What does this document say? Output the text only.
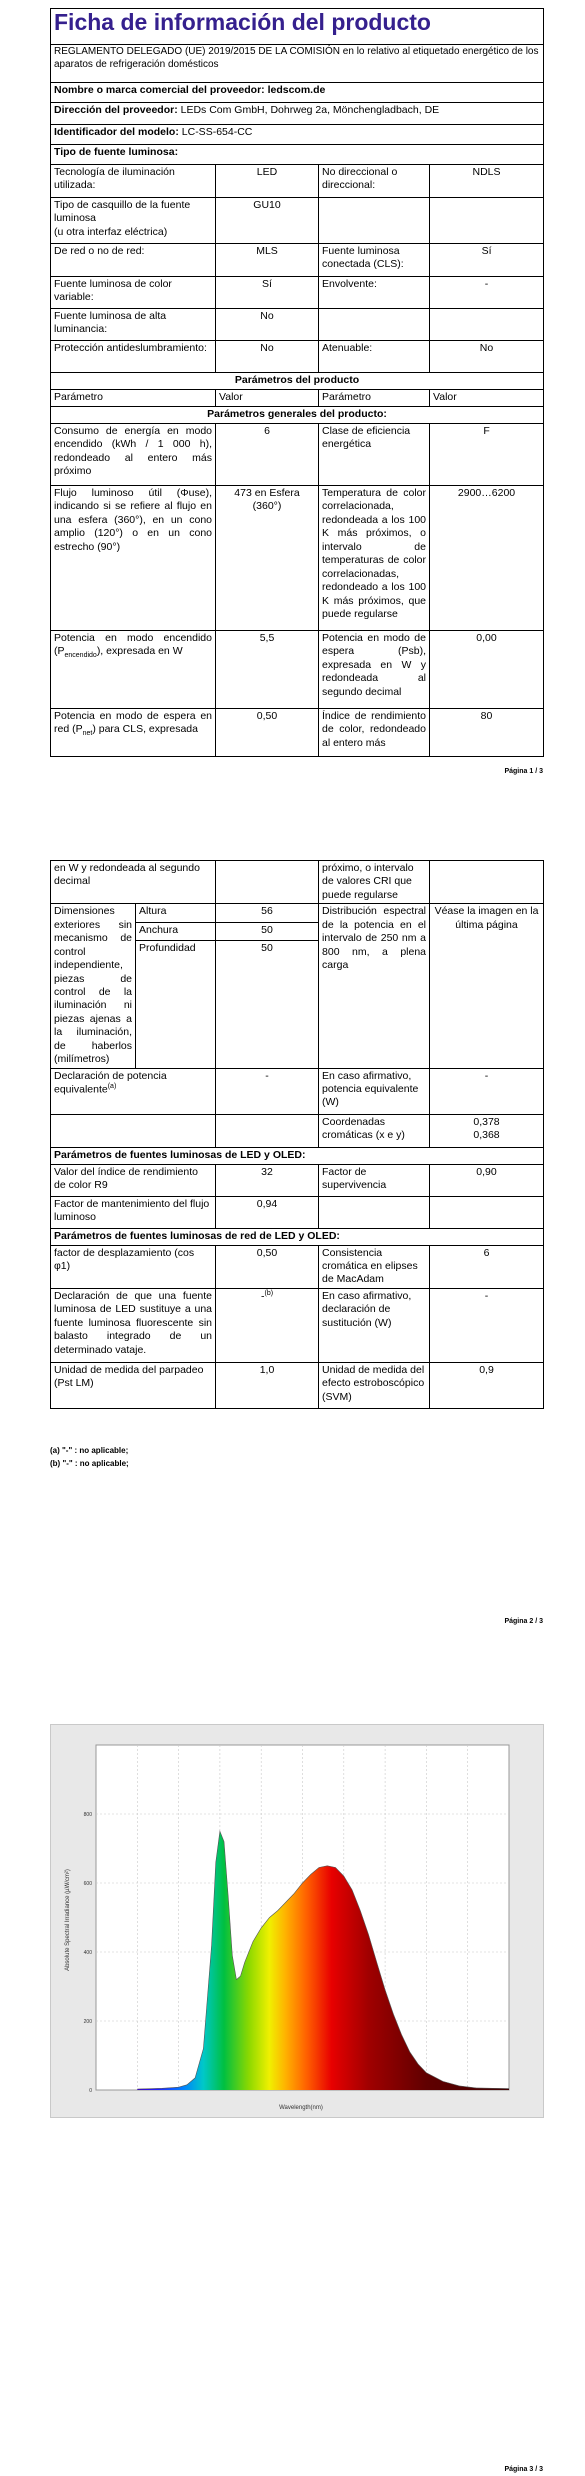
Ficha de información del producto			
REGLAMENTO DELEGADO (UE) 2019/2015 DE LA COMISIÓN en lo relativo al etiquetado energético de los aparatos de refrigeración domésticos			
Nombre o marca comercial del proveedor: ledscom.de			
Dirección del proveedor: LEDs Com GmbH, Dohrweg 2a, Mönchengladbach, DE			
Identificador del modelo: LC-SS-654-CC			
Tipo de fuente luminosa:			
Tecnología de iluminación utilizada:	LED	No direccional o direccional:	NDLS
Tipo de casquillo de la fuente luminosa
(u otra interfaz eléctrica)	GU10		
De red o no de red:	MLS	Fuente luminosa conectada (CLS):	Sí
Fuente luminosa de color variable:	Sí	Envolvente:	-
Fuente luminosa de alta luminancia:	No		
Protección antideslumbramiento:	No	Atenuable:	No
Parámetros del producto			
Parámetro	Valor	Parámetro	Valor
Parámetros generales del producto:			
Consumo de energía en modo encendido (kWh / 1 000 h), redondeado al entero más próximo	6	Clase de eficiencia energética	F
Flujo luminoso útil (Φuse), indicando si se refiere al flujo en una esfera (360°), en un cono amplio (120°) o en un cono estrecho (90°)	473 en Esfera (360°)	Temperatura de color correlacionada, redondeada a los 100 K más próximos, o intervalo de temperaturas de color correlacionadas, redondeado a los 100 K más próximos, que puede regularse	2900…6200
Potencia en modo encendido $(P_{encendido})$, expresada en W	5,5	Potencia en modo de espera (Psb), expresada en W y redondeada al segundo decimal	0,00
Potencia en modo de espera en red $(P_{net})$ para CLS, expresada	0,50	Índice de rendimiento de color, redondeado al entero más	80
Página 1 / 3
en W y redondeada al segundo decimal			próximo, o intervalo de valores CRI que puede regularse	
Dimensiones exteriores sin mecanismo de control independiente, piezas de control de la iluminación ni piezas ajenas a la iluminación, de haberlos (milímetros)	Altura	56	Distribución espectral de la potencia en el intervalo de 250 nm a 800 nm, a plena carga	Véase la imagen en la última página
	Anchura	50		
	Profundidad	50		
Declaración de potencia equivalente$^{(a)}$		-	En caso afirmativo, potencia equivalente (W)	-
			Coordenadas cromáticas (x e y)	0,378
0,368
Parámetros de fuentes luminosas de LED y OLED:				
Valor del índice de rendimiento de color R9		32	Factor de supervivencia	0,90
Factor de mantenimiento del flujo luminoso		0,94		
Parámetros de fuentes luminosas de red de LED y OLED:				
factor de desplazamiento (cos φ1)		0,50	Consistencia cromática en elipses de MacAdam	6
Declaración de que una fuente luminosa de LED sustituye a una fuente luminosa fluorescente sin balasto integrado de un determinado vataje.		-$^{(b)}$	En caso afirmativo, declaración de sustitución (W)	-
Unidad de medida del parpadeo (Pst LM)		1,0	Unidad de medida del efecto estroboscópico (SVM)	0,9
(a) "-" : no aplicable;
(b) "-" : no aplicable;
Página 2 / 3
0
200
400
600
800
Absolute Spectral Irradiance (µW/cm²)
Wavelength(nm)
Página 3 / 3
